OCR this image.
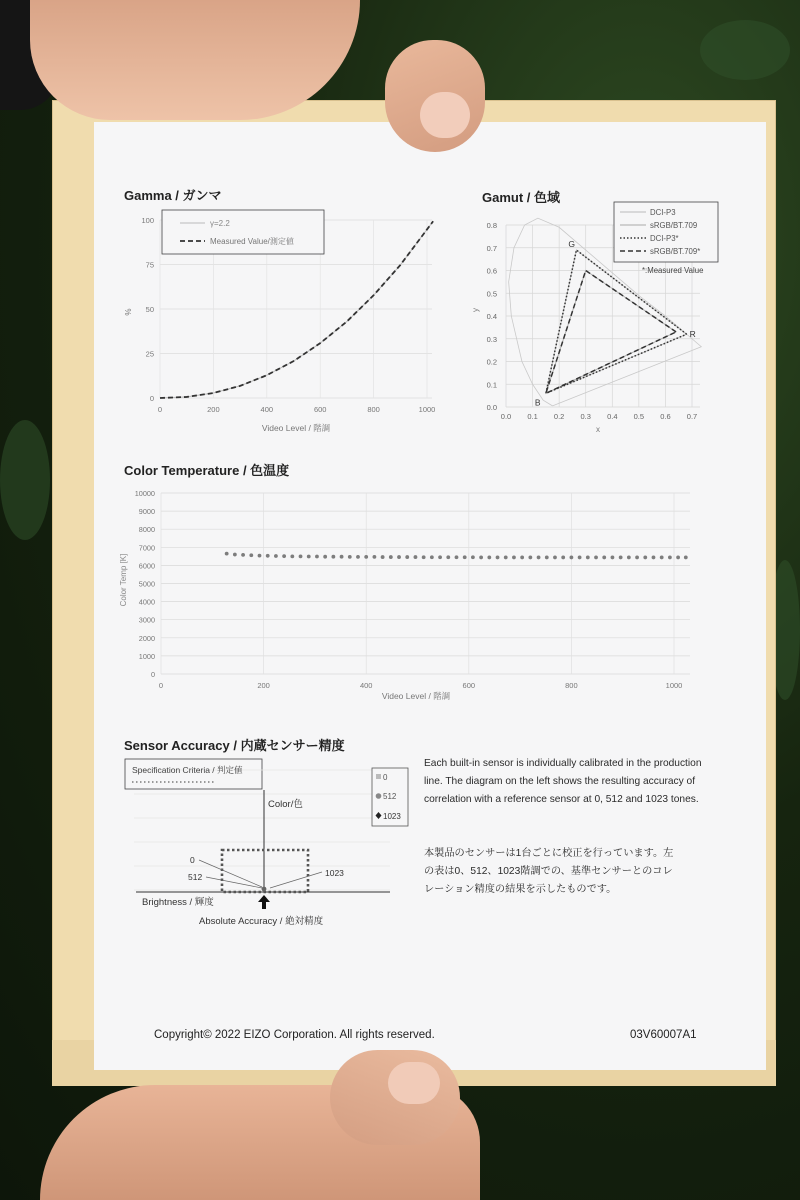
Gamma / ガンマ	Gamut / 色域
Color Temperature / 色温度
Sensor Accuracy / 内蔵センサー精度
0
25
50
75
100
0	200	400	600	800	1000
Video Level / 階調
%
γ=2.2
Measured Value/測定値
0.0
0.1
0.2
0.3
0.4
0.5
0.6
0.7
0.8
0.0 0.1 0.2 0.3 0.4 0.5 0.6 0.7
x
y
G
R
B
DCI-P3
sRGB/BT.709
DCI-P3*
sRGB/BT.709*
*:Measured Value
0
1000
2000
3000
4000
5000
6000
7000
8000
9000
10000
0	200	400	600	800	1000
Video Level / 階調
Color Temp [K]
Specification Criteria / 判定値
Color/色
Brightness / 輝度
Absolute Accuracy / 絶対精度
0
512	1023
0
512
1023
Each built-in sensor is individually calibrated in the production line. The diagram on the left shows the resulting accuracy of correlation with a reference sensor at 0, 512 and 1023 tones.
本製品のセンサーは1台ごとに校正を行っています。左の表は0、512、1023階調での、基準センサーとのコレレーション精度の結果を示したものです。
Copyright© 2022 EIZO Corporation. All rights reserved.	03V60007A1
